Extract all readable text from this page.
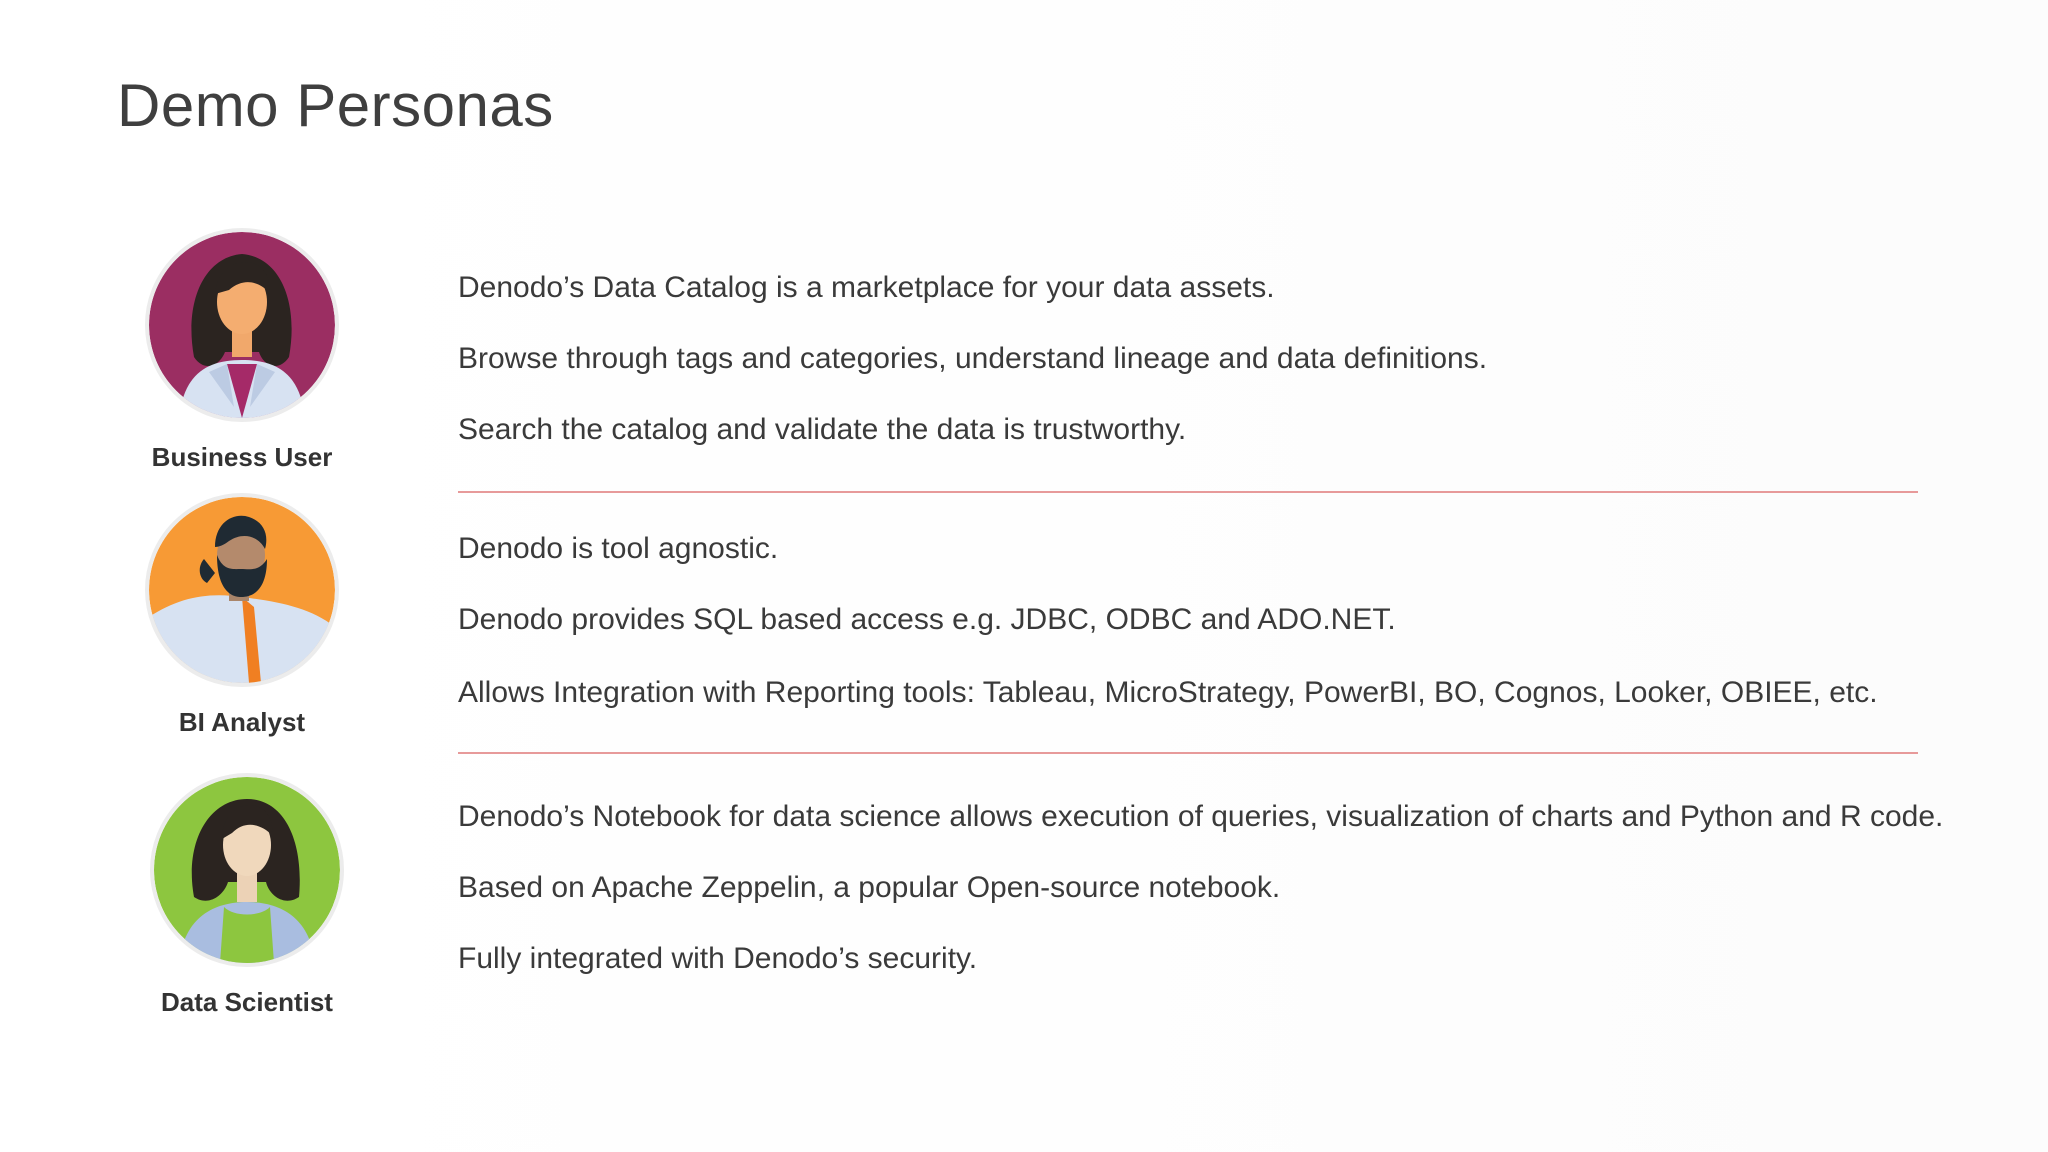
Demo Personas
Business User
BI Analyst
Data Scientist
Denodo’s Data Catalog is a marketplace for your data assets.
Browse through tags and categories, understand lineage and data definitions.
Search the catalog and validate the data is trustworthy.
Denodo is tool agnostic.
Denodo provides SQL based access e.g. JDBC, ODBC and ADO.NET.
Allows Integration with Reporting tools: Tableau, MicroStrategy, PowerBI, BO, Cognos, Looker, OBIEE, etc.
Denodo’s Notebook for data science allows execution of queries, visualization of charts and Python and R code.
Based on Apache Zeppelin, a popular Open-source notebook.
Fully integrated with Denodo’s security.
